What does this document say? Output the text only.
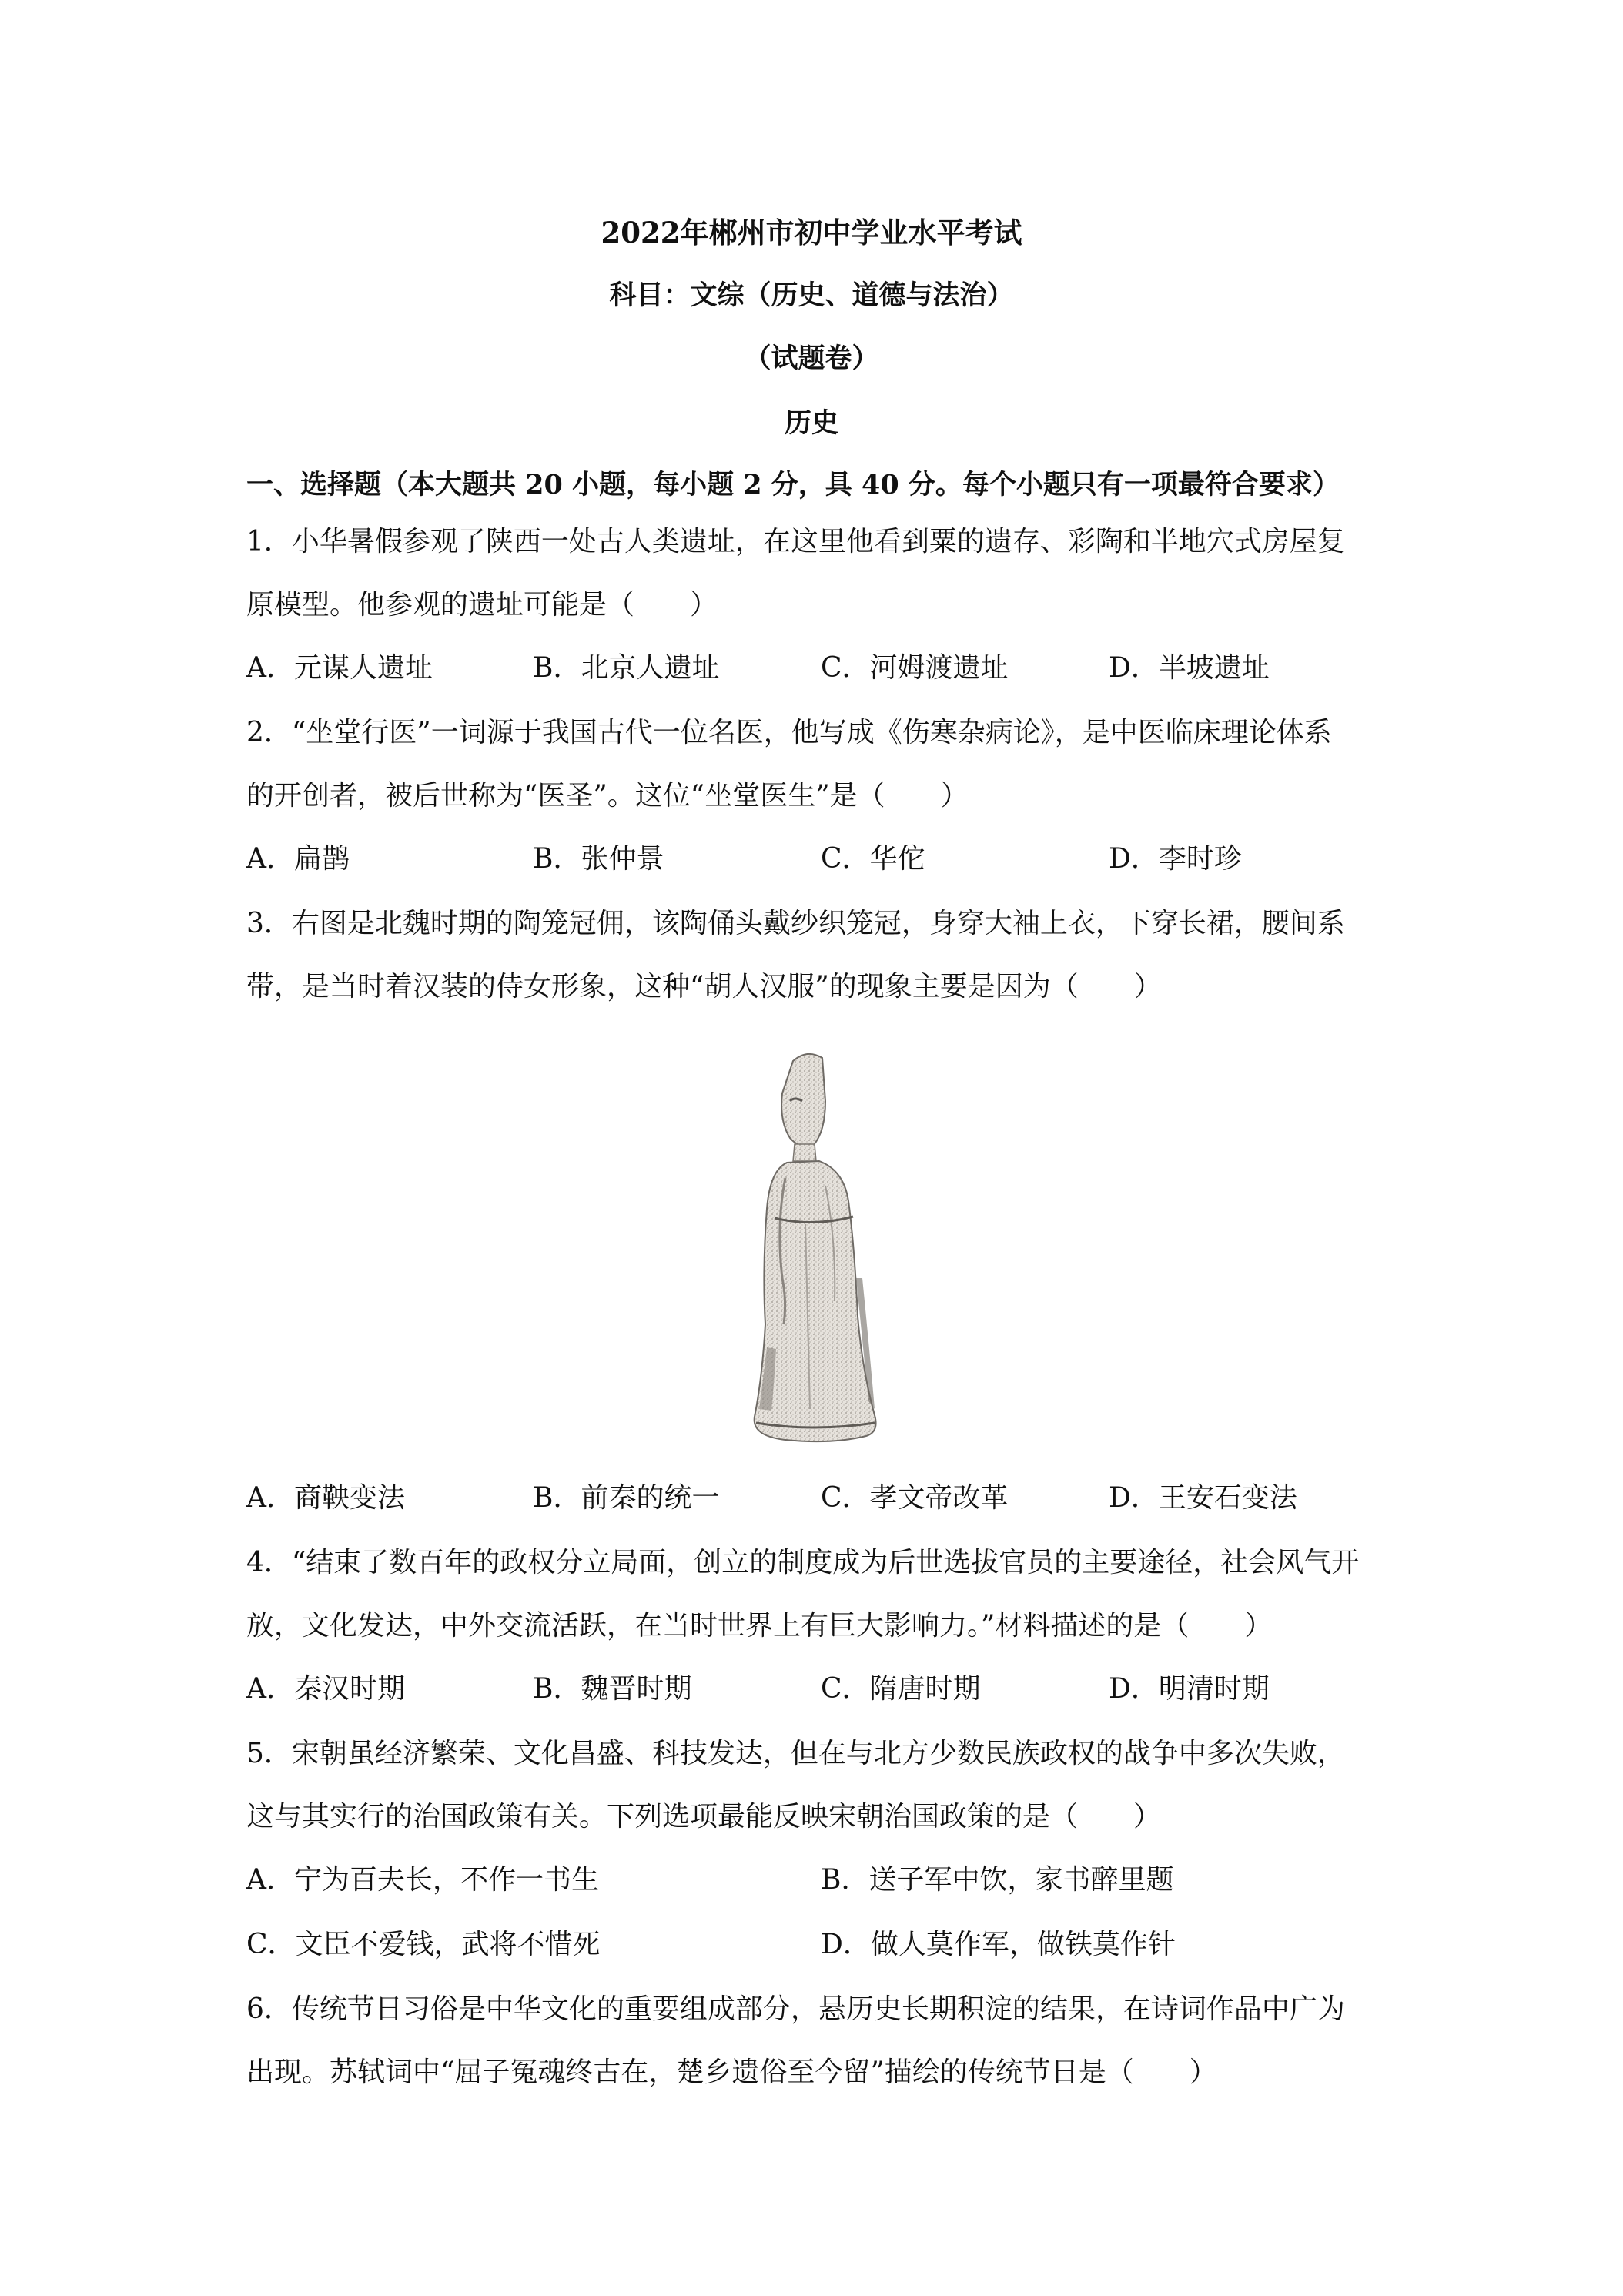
2022年郴州市初中学业水平考试
科目：文综（历史、道德与法治）
（试题卷）
历史
一、选择题（本大题共 20 小题，每小题 2 分，具 40 分。每个小题只有一项最符合要求）
1．小华暑假参观了陕西一处古人类遗址，在这里他看到粟的遗存、彩陶和半地穴式房屋复
原模型。他参观的遗址可能是（　　）
A．元谋人遗址	B．北京人遗址	C．河姆渡遗址	D．半坡遗址
2．“坐堂行医”一词源于我国古代一位名医，他写成《伤寒杂病论》，是中医临床理论体系
的开创者，被后世称为“医圣”。这位“坐堂医生”是（　　）
A．扁鹊	B．张仲景	C．华佗	D．李时珍
3．右图是北魏时期的陶笼冠佣，该陶俑头戴纱织笼冠，身穿大袖上衣，下穿长裙，腰间系
带，是当时着汉装的侍女形象，这种“胡人汉服”的现象主要是因为（　　）
A．商鞅变法	B．前秦的统一	C．孝文帝改革	D．王安石变法
4．“结束了数百年的政权分立局面，创立的制度成为后世选拔官员的主要途径，社会风气开
放，文化发达，中外交流活跃，在当时世界上有巨大影响力。”材料描述的是（　　）
A．秦汉时期	B．魏晋时期	C．隋唐时期	D．明清时期
5．宋朝虽经济繁荣、文化昌盛、科技发达，但在与北方少数民族政权的战争中多次失败，
这与其实行的治国政策有关。下列选项最能反映宋朝治国政策的是（　　）
A．宁为百夫长，不作一书生	B．送子军中饮，家书醉里题
C．文臣不爱钱，武将不惜死	D．做人莫作军，做铁莫作针
6．传统节日习俗是中华文化的重要组成部分，悬历史长期积淀的结果，在诗词作品中广为
出现。苏轼词中“屈子冤魂终古在，楚乡遗俗至今留”描绘的传统节日是（　　）
